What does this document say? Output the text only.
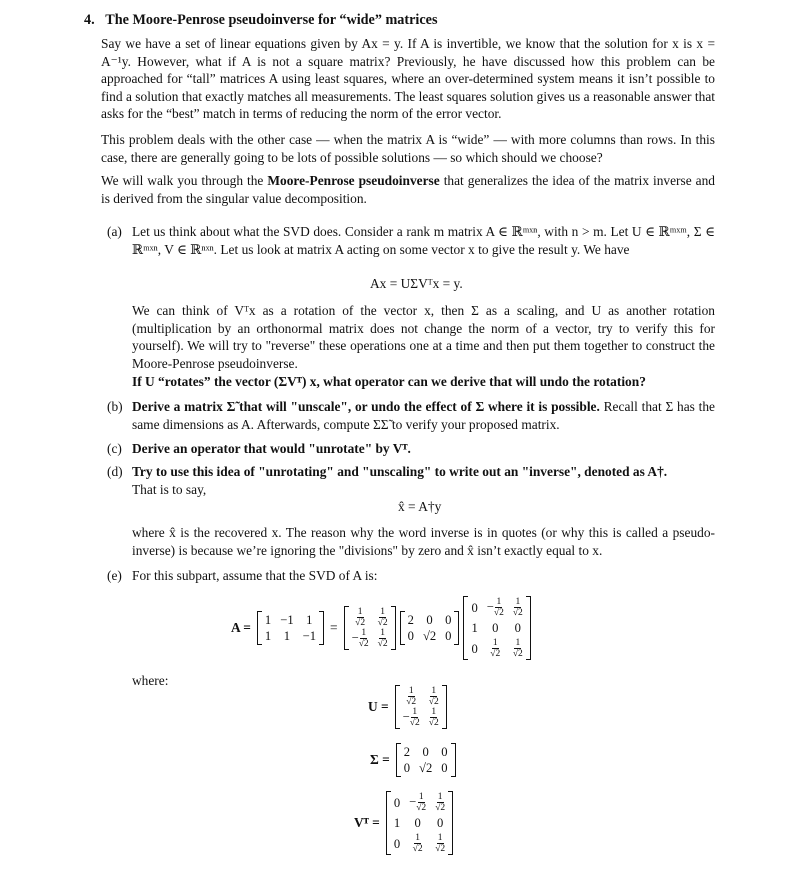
4. The Moore-Penrose pseudoinverse for “wide” matrices
Say we have a set of linear equations given by Ax = y. If A is invertible, we know that the solution for x is x = A⁻¹y. However, what if A is not a square matrix? Previously, he have discussed how this problem can be approached for “tall” matrices A using least squares, where an over-determined system means it isn’t possible to find a solution that exactly matches all measurements. The least squares solution gives us a reasonable answer that asks for the “best” match in terms of reducing the norm of the error vector.
This problem deals with the other case — when the matrix A is “wide” — with more columns than rows. In this case, there are generally going to be lots of possible solutions — so which should we choose?
We will walk you through the Moore-Penrose pseudoinverse that generalizes the idea of the matrix inverse and is derived from the singular value decomposition.
(a) Let us think about what the SVD does. Consider a rank m matrix A ∈ ℝᵐˣⁿ, with n > m. Let U ∈ ℝᵐˣᵐ, Σ ∈ ℝᵐˣⁿ, V ∈ ℝⁿˣⁿ. Let us look at matrix A acting on some vector x to give the result y. We have
Ax = UΣVᵀx = y.
We can think of Vᵀx as a rotation of the vector x, then Σ as a scaling, and U as another rotation (multiplication by an orthonormal matrix does not change the norm of a vector, try to verify this for yourself). We will try to "reverse" these operations one at a time and then put them together to construct the Moore-Penrose pseudoinverse.
If U “rotates” the vector (ΣVᵀ) x, what operator can we derive that will undo the rotation?
(b) Derive a matrix Σ̃ that will "unscale", or undo the effect of Σ where it is possible. Recall that Σ has the same dimensions as A. Afterwards, compute ΣΣ̃ to verify your proposed matrix.
(c) Derive an operator that would "unrotate" by Vᵀ.
(d) Try to use this idea of "unrotating" and "unscaling" to write out an "inverse", denoted as A†.
That is to say,
x̂ = A†y
where x̂ is the recovered x. The reason why the word inverse is in quotes (or why this is called a pseudo-inverse) is because we’re ignoring the "divisions" by zero and x̂ isn’t exactly equal to x.
(e) For this subpart, assume that the SVD of A is:
A = 1 −1 1
1 1 −1
= $\frac{1}{√2} \frac{1}{√2}$
− $\frac{1}{√2} \frac{1}{√2}$
2 0 0
0 √2 0
$0 - \frac{1}{√2} \frac{1}{√2}$
1 0 0
$0 \frac{1}{√2} \frac{1}{√2}$
where:
$U = \frac{1}{√2} \frac{1}{√2}$
− $\frac{1}{√2} \frac{1}{√2}$
Σ = 2 0 0
0 √2 0
Vᵀ =
$0 - \frac{1}{√2} \frac{1}{√2}$
1 0 0
$0 \frac{1}{√2} \frac{1}{√2}$
